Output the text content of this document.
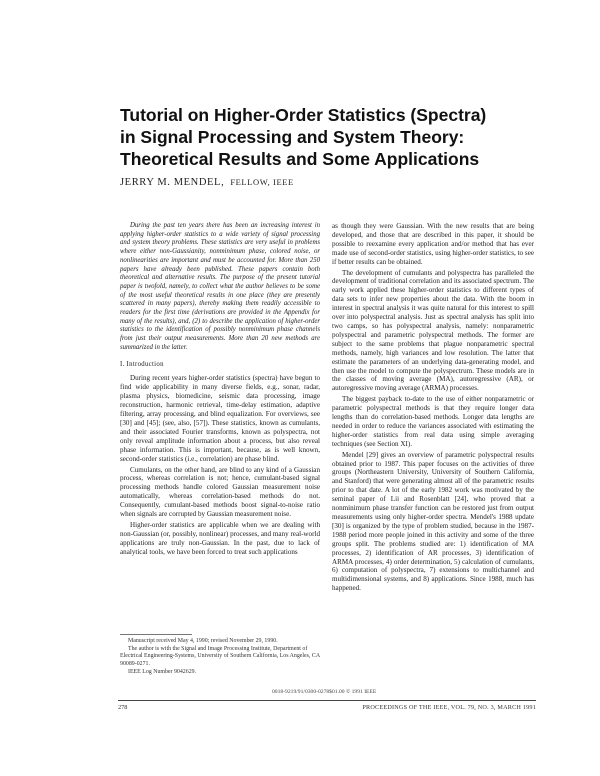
Tutorial on Higher-Order Statistics (Spectra)
in Signal Processing and System Theory:
Theoretical Results and Some Applications
JERRY M. MENDEL, FELLOW, IEEE

During the past ten years there has been an increasing interest in applying higher-order statistics to a wide variety of signal processing and system theory problems. These statistics are very useful in problems where either non-Gaussianity, nonminimum phase, colored noise, or nonlinearities are important and must be accounted for. More than 250 papers have already been published. These papers contain both theoretical and alternative results. The purpose of the present tutorial paper is twofold, namely, to collect what the author believes to be some of the most useful theoretical results in one place (they are presently scattered in many papers), thereby making them readily accessible to readers for the first time (derivations are provided in the Appendix for many of the results), and, (2) to describe the application of higher-order statistics to the identification of possibly nonminimum phase channels from just their output measurements. More than 20 new methods are summarized in the latter.

I. Introduction

During recent years higher-order statistics (spectra) have begun to find wide applicability in many diverse fields, e.g., sonar, radar, plasma physics, biomedicine, seismic data processing, image reconstruction, harmonic retrieval, time-delay estimation, adaptive filtering, array processing, and blind equalization. For overviews, see [30] and [45]; (see, also, [57]). These statistics, known as cumulants, and their associated Fourier transforms, known as polyspectra, not only reveal amplitude information about a process, but also reveal phase information. This is important, because, as is well known, second-order statistics (i.e., correlation) are phase blind.

Cumulants, on the other hand, are blind to any kind of a Gaussian process, whereas correlation is not; hence, cumulant-based signal processing methods handle colored Gaussian measurement noise automatically, whereas correlation-based methods do not. Consequently, cumulant-based methods boost signal-to-noise ratio when signals are corrupted by Gaussian measurement noise.

Higher-order statistics are applicable when we are dealing with non-Gaussian (or, possibly, nonlinear) processes, and many real-world applications are truly non-Gaussian. In the past, due to lack of analytical tools, we have been forced to treat such applications

Manuscript received May 4, 1990; revised November 29, 1990.

The author is with the Signal and Image Processing Institute, Department of Electrical Engineering-Systems, University of Southern California, Los Angeles, CA 90089-0271.

IEEE Log Number 9042629.

as though they were Gaussian. With the new results that are being developed, and those that are described in this paper, it should be possible to reexamine every application and/or method that has ever made use of second-order statistics, using higher-order statistics, to see if better results can be obtained.

The development of cumulants and polyspectra has paralleled the development of traditional correlation and its associated spectrum. The early work applied these higher-order statistics to different types of data sets to infer new properties about the data. With the boom in interest in spectral analysis it was quite natural for this interest to spill over into polyspectral analysis. Just as spectral analysis has split into two camps, so has polyspectral analysis, namely: nonparametric polyspectral and parametric polyspectral methods. The former are subject to the same problems that plague nonparametric spectral methods, namely, high variances and low resolution. The latter that estimate the parameters of an underlying data-generating model, and then use the model to compute the polyspectrum. These models are in the classes of moving average (MA), autoregressive (AR), or autoregressive moving average (ARMA) processes.

The biggest payback to-date to the use of either nonparametric or parametric polyspectral methods is that they require longer data lengths than do correlation-based methods. Longer data lengths are needed in order to reduce the variances associated with estimating the higher-order statistics from real data using simple averaging techniques (see Section XI).

Mendel [29] gives an overview of parametric polyspectral results obtained prior to 1987. This paper focuses on the activities of three groups (Northeastern University, University of Southern California, and Stanford) that were generating almost all of the parametric results prior to that date. A lot of the early 1982 work was motivated by the seminal paper of Lii and Rosenblatt [24], who proved that a nonminimum phase transfer function can be restored just from output measurements using only higher-order spectra. Mendel's 1988 update [30] is organized by the type of problem studied, because in the 1987-1988 period more people joined in this activity and some of the three groups split. The problems studied are: 1) identification of MA processes, 2) identification of AR processes, 3) identification of ARMA processes, 4) order determination, 5) calculation of cumulants, 6) computation of polyspectra, 7) extensions to multichannel and multidimensional systems, and 8) applications. Since 1988, much has happened.

0018-9219/91/0300-0278$01.00 © 1991 IEEE
278	PROCEEDINGS OF THE IEEE, VOL. 79, NO. 3, MARCH 1991
